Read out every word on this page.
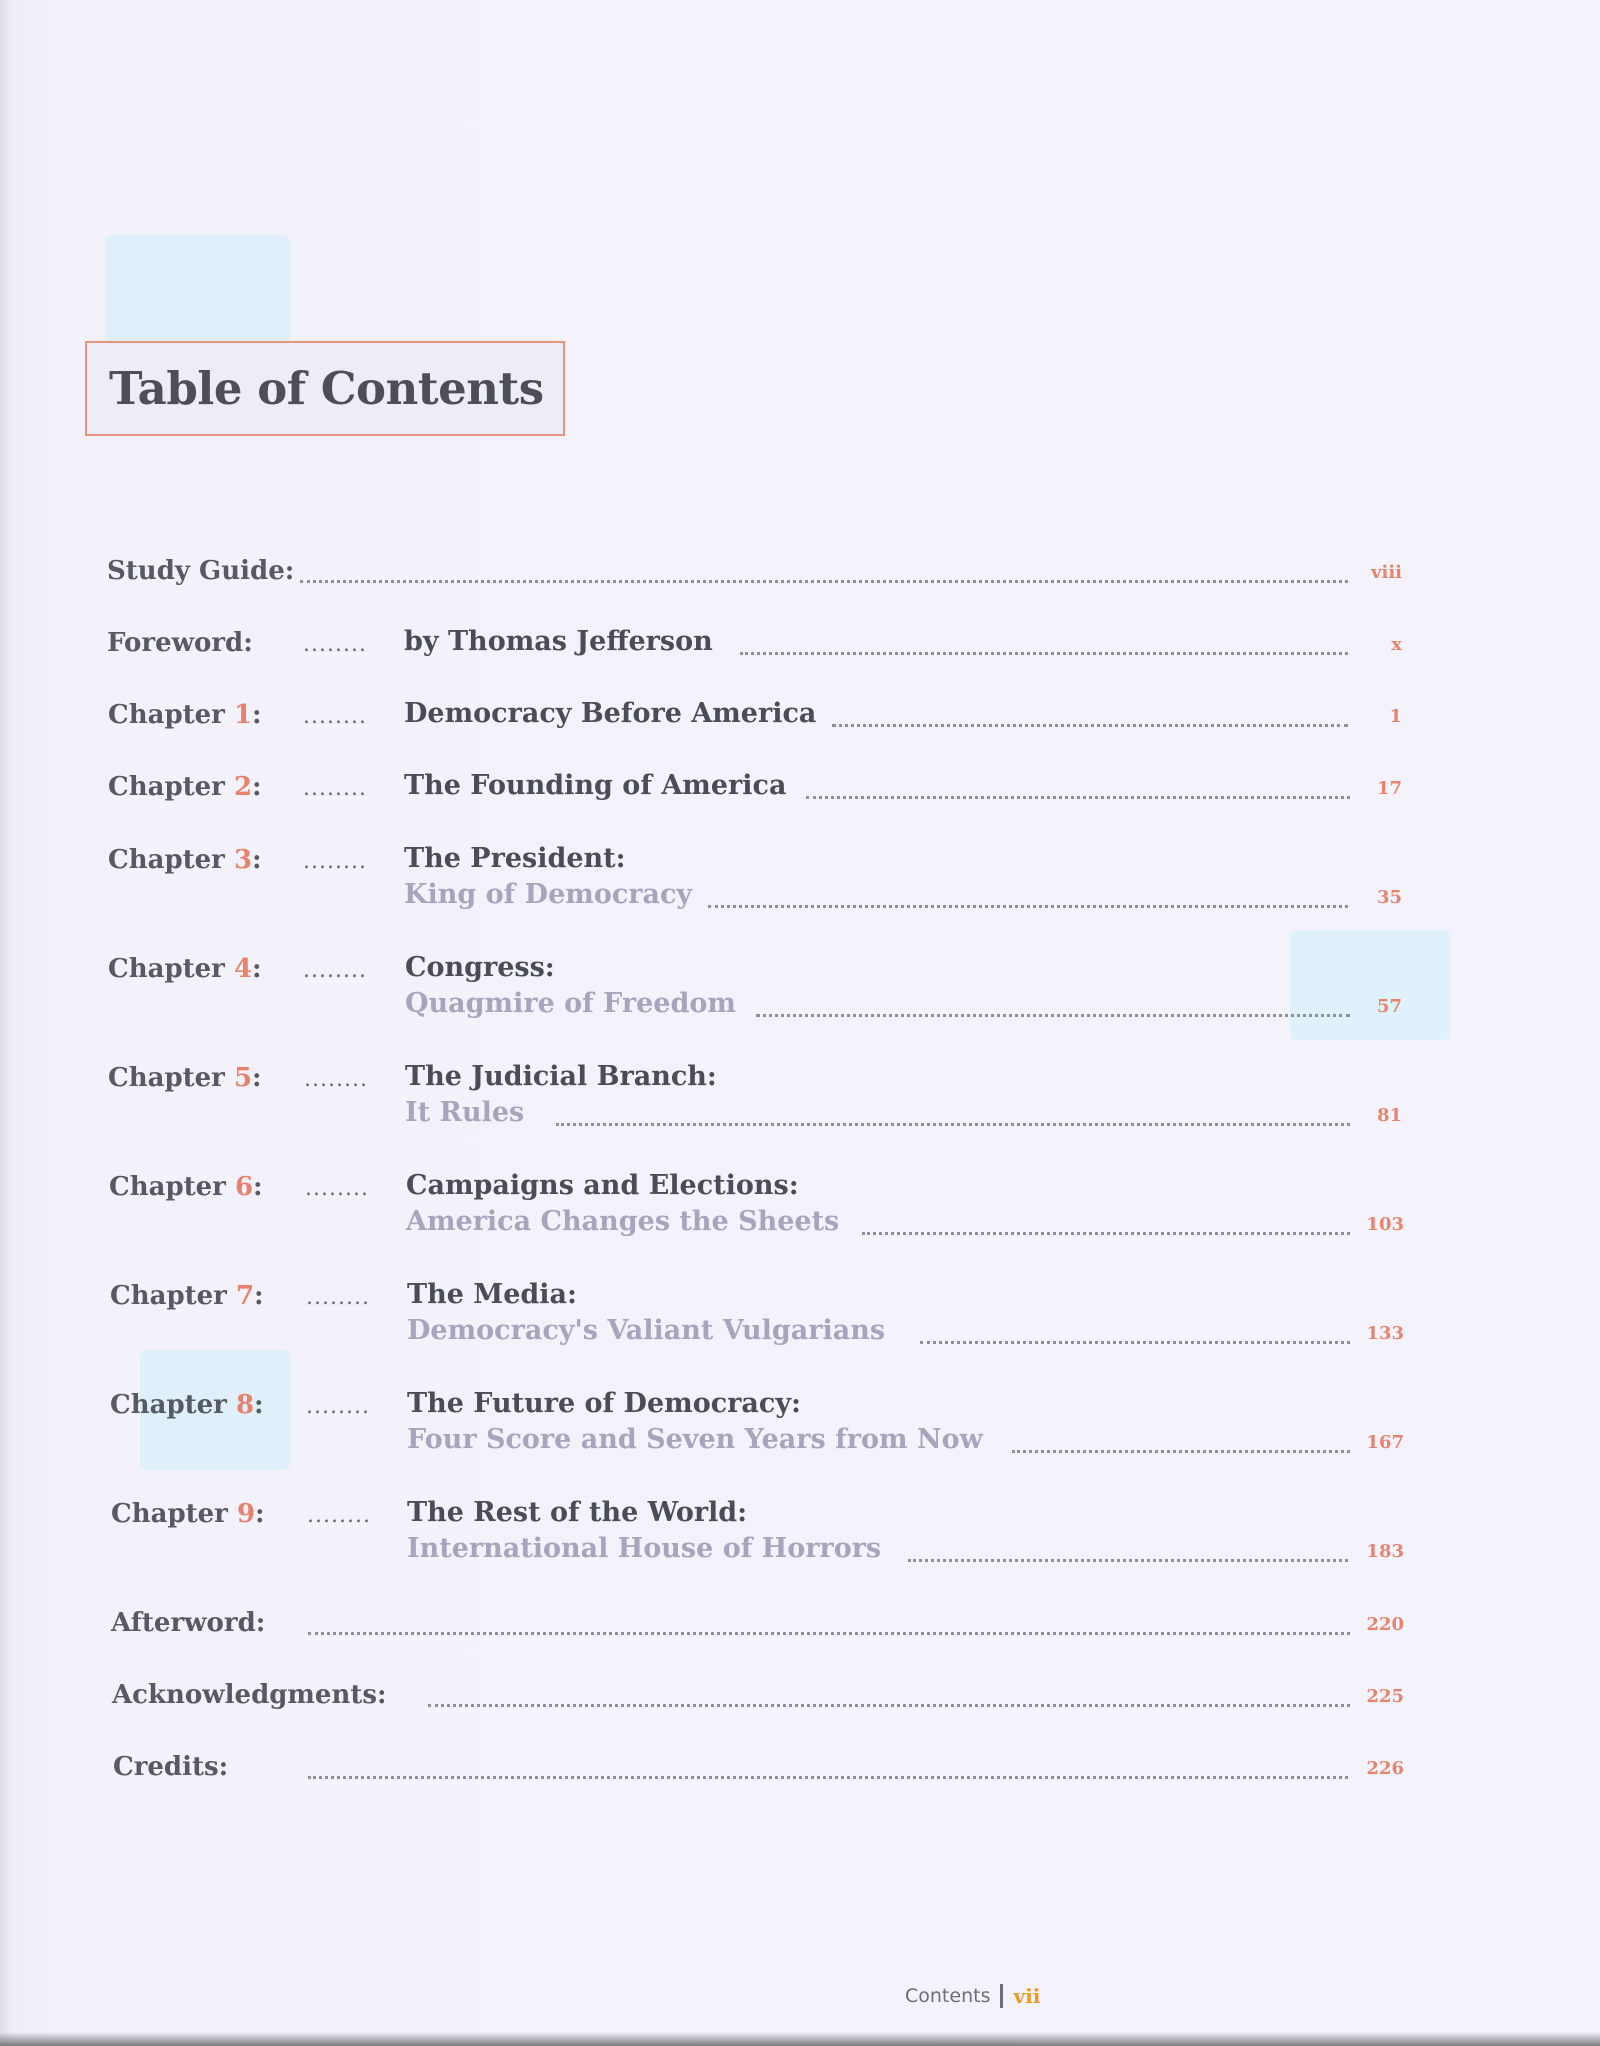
Table of Contents
Study Guide:	viii
Foreword: ........ by Thomas Jefferson	x
Chapter 1: ........ Democracy Before America	1
Chapter 2: ........ The Founding of America	17
Chapter 3: ........ The President:
King of Democracy	35
Chapter 4: ........ Congress:
Quagmire of Freedom	57
Chapter 5: ........ The Judicial Branch:
It Rules	81
Chapter 6: ........ Campaigns and Elections:
America Changes the Sheets	103
Chapter 7: ........ The Media:
Democracy's Valiant Vulgarians	133
Chapter 8: ........ The Future of Democracy:
Four Score and Seven Years from Now	167
Chapter 9: ........ The Rest of the World:
International House of Horrors	183
Afterword:	220
Acknowledgments:	225
Credits:	226
Contents vii
